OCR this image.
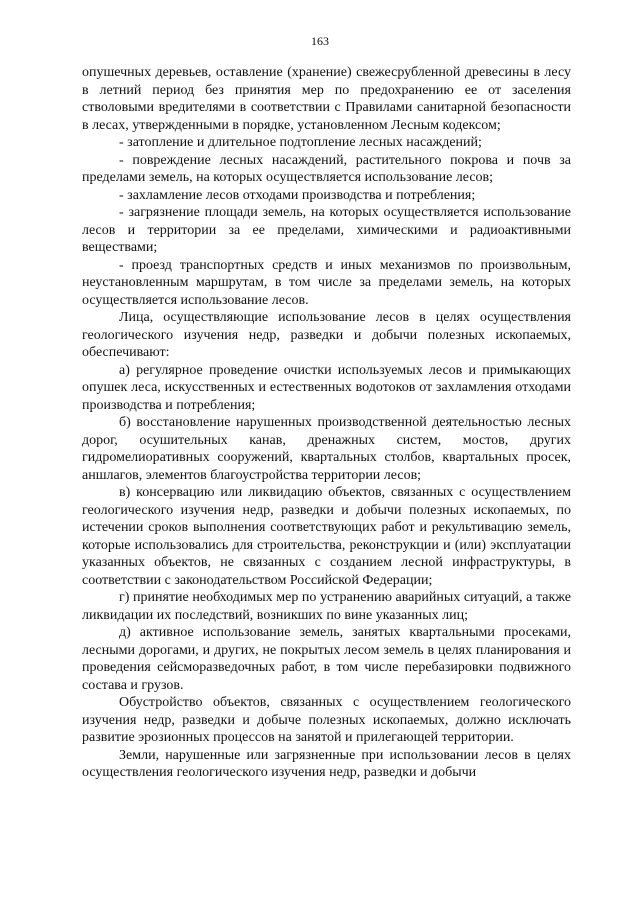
163

опушечных деревьев, оставление (хранение) свежесрубленной древесины в лесу в летний период без принятия мер по предохранению ее от заселения стволовыми вредителями в соответствии с Правилами санитарной безопасности в лесах, утвержденными в порядке, установленном Лесным кодексом;

- затопление и длительное подтопление лесных насаждений;

- повреждение лесных насаждений, растительного покрова и почв за пределами земель, на которых осуществляется использование лесов;

- захламление лесов отходами производства и потребления;

- загрязнение площади земель, на которых осуществляется использование лесов и территории за ее пределами, химическими и радиоактивными веществами;

- проезд транспортных средств и иных механизмов по произвольным, неустановленным маршрутам, в том числе за пределами земель, на которых осуществляется использование лесов.

Лица, осуществляющие использование лесов в целях осуществления геологического изучения недр, разведки и добычи полезных ископаемых, обеспечивают:

а) регулярное проведение очистки используемых лесов и примыкающих опушек леса, искусственных и естественных водотоков от захламления отходами производства и потребления;

б) восстановление нарушенных производственной деятельностью лесных дорог, осушительных канав, дренажных систем, мостов, других гидромелиоративных сооружений, квартальных столбов, квартальных просек, аншлагов, элементов благоустройства территории лесов;

в) консервацию или ликвидацию объектов, связанных с осуществлением геологического изучения недр, разведки и добычи полезных ископаемых, по истечении сроков выполнения соответствующих работ и рекультивацию земель, которые использовались для строительства, реконструкции и (или) эксплуатации указанных объектов, не связанных с созданием лесной инфраструктуры, в соответствии с законодательством Российской Федерации;

г) принятие необходимых мер по устранению аварийных ситуаций, а также ликвидации их последствий, возникших по вине указанных лиц;

д) активное использование земель, занятых квартальными просеками, лесными дорогами, и других, не покрытых лесом земель в целях планирования и проведения сейсморазведочных работ, в том числе перебазировки подвижного состава и грузов.

Обустройство объектов, связанных с осуществлением геологического изучения недр, разведки и добыче полезных ископаемых, должно исключать развитие эрозионных процессов на занятой и прилегающей территории.

Земли, нарушенные или загрязненные при использовании лесов в целях осуществления геологического изучения недр, разведки и добычи
